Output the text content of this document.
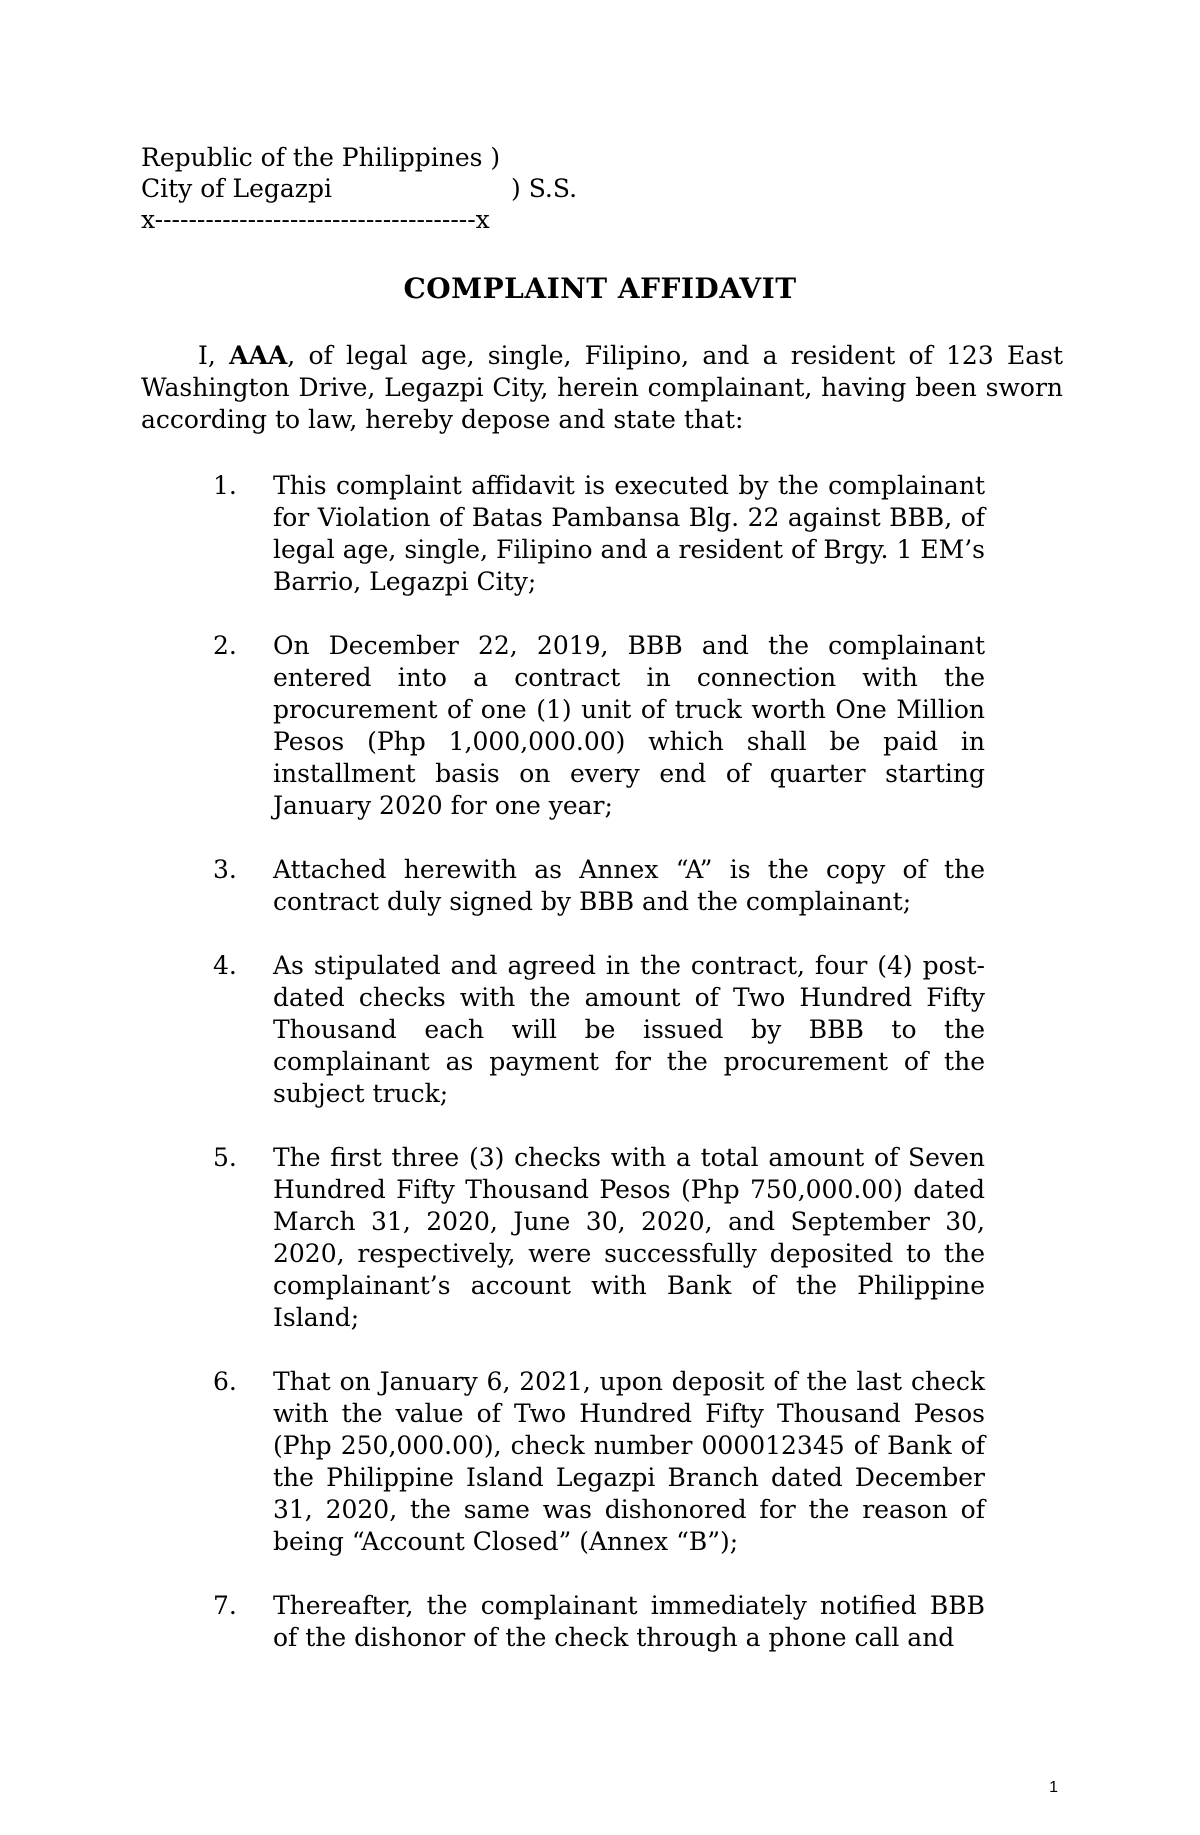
Republic of the Philippines )
City of Legazpi	) S.S.
x--------------------------------------x
COMPLAINT AFFIDAVIT

I, AAA, of legal age, single, Filipino, and a resident of 123 East Washington Drive, Legazpi City, herein complainant, having been sworn according to law, hereby depose and state that:

1. This complaint affidavit is executed by the complainant for Violation of Batas Pambansa Blg. 22 against BBB, of legal age, single, Filipino and a resident of Brgy. 1 EM’s Barrio, Legazpi City;
2. On December 22, 2019, BBB and the complainant entered into a contract in connection with the procurement of one (1) unit of truck worth One Million Pesos (Php 1,000,000.00) which shall be paid in installment basis on every end of quarter starting January 2020 for one year;
3. Attached herewith as Annex “A” is the copy of the contract duly signed by BBB and the complainant;
4. As stipulated and agreed in the contract, four (4) post-dated checks with the amount of Two Hundred Fifty Thousand each will be issued by BBB to the complainant as payment for the procurement of the subject truck;
5. The first three (3) checks with a total amount of Seven Hundred Fifty Thousand Pesos (Php 750,000.00) dated March 31, 2020, June 30, 2020, and September 30, 2020, respectively, were successfully deposited to the complainant’s account with Bank of the Philippine Island;
6. That on January 6, 2021, upon deposit of the last check with the value of Two Hundred Fifty Thousand Pesos (Php 250,000.00), check number 000012345 of Bank of the Philippine Island Legazpi Branch dated December 31, 2020, the same was dishonored for the reason of being “Account Closed” (Annex “B”);
7. Thereafter, the complainant immediately notified BBB of the dishonor of the check through a phone call and
1
